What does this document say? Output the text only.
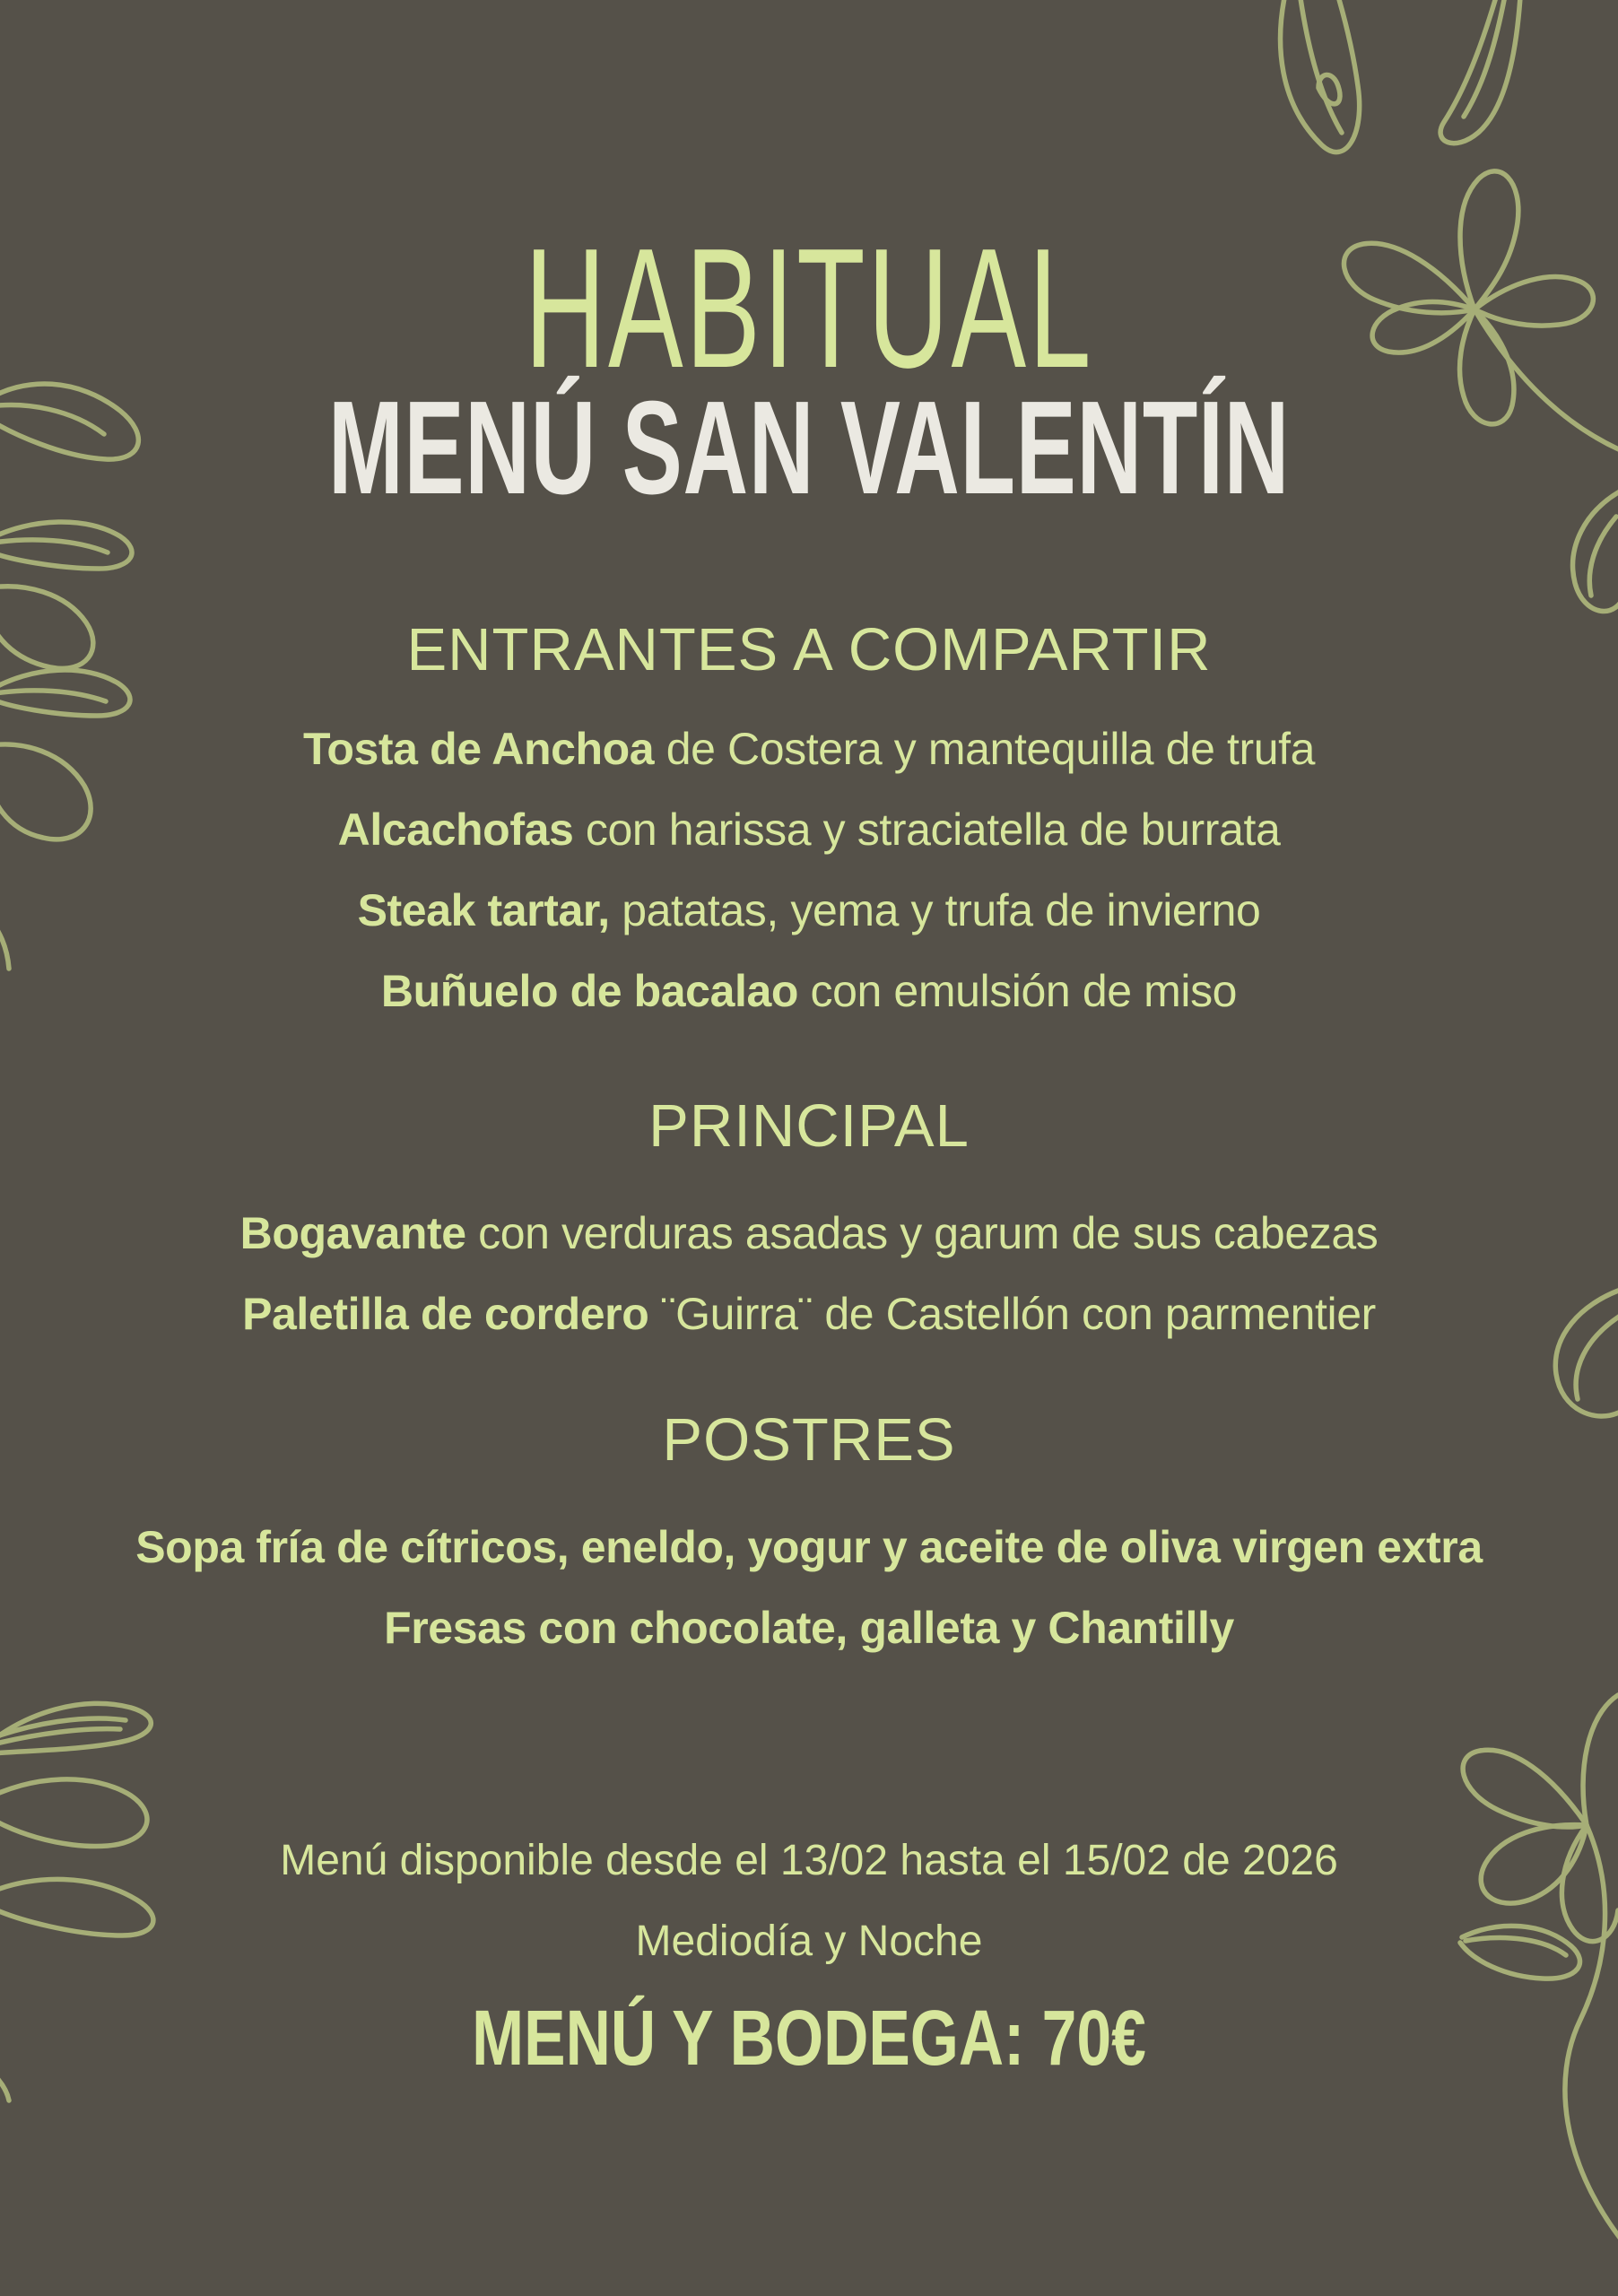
HABITUAL
MENÚ SAN VALENTÍN
ENTRANTES A COMPARTIR

Tosta de Anchoa de Costera y mantequilla de trufa

Alcachofas con harissa y straciatella de burrata

Steak tartar, patatas, yema y trufa de invierno

Buñuelo de bacalao con emulsión de miso

PRINCIPAL

Bogavante con verduras asadas y garum de sus cabezas

Paletilla de cordero ¨Guirra¨ de Castellón con parmentier

POSTRES

Sopa fría de cítricos, eneldo, yogur y aceite de oliva virgen extra

Fresas con chocolate, galleta y Chantilly

Menú disponible desde el 13/02 hasta el 15/02 de 2026

Mediodía y Noche

MENÚ Y BODEGA: 70€
